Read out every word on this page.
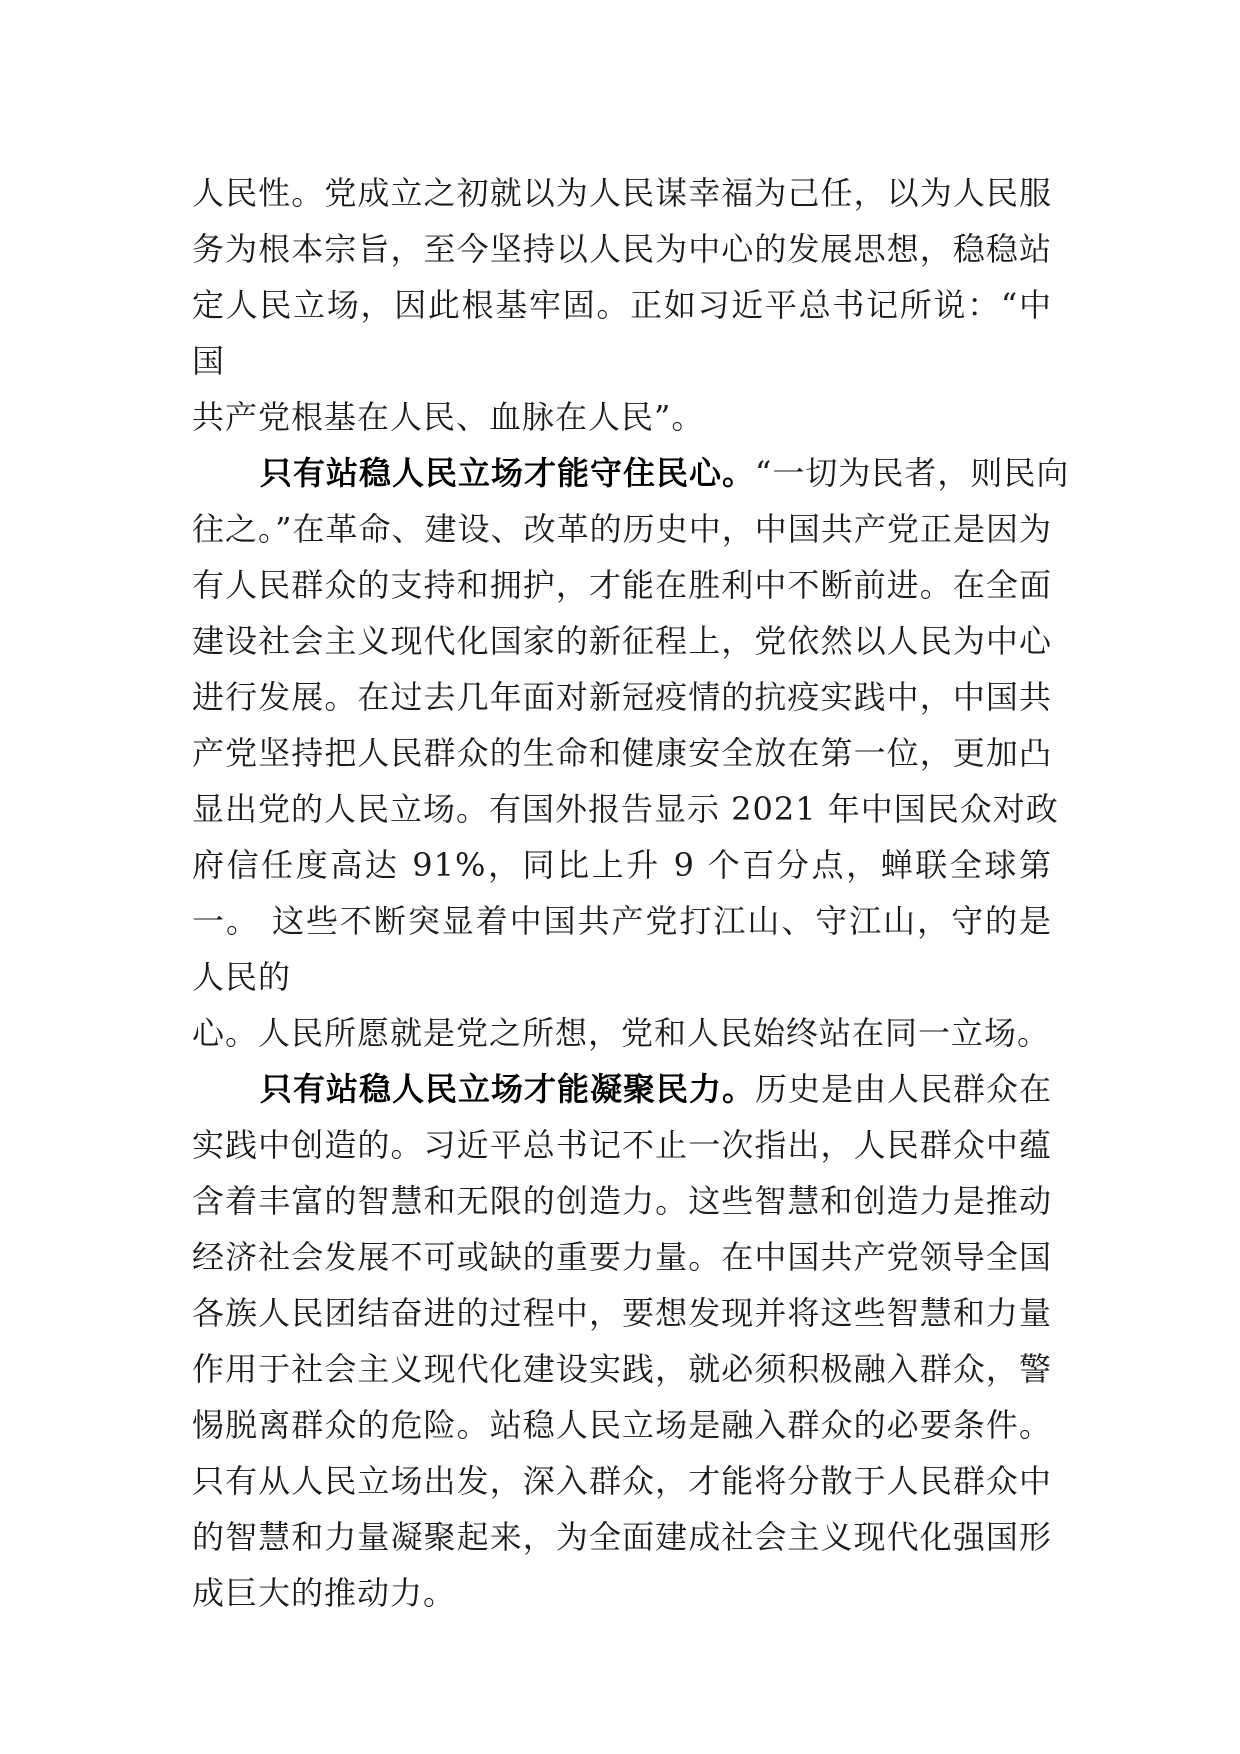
人民性。党成立之初就以为人民谋幸福为己任，以为人民服
务为根本宗旨，至今坚持以人民为中心的发展思想，稳稳站
定人民立场，因此根基牢固。正如习近平总书记所说：“中
国
共产党根基在人民、血脉在人民”。
只有站稳人民立场才能守住民心。“一切为民者，则民向
往之。”在革命、建设、改革的历史中，中国共产党正是因为
有人民群众的支持和拥护，才能在胜利中不断前进。在全面
建设社会主义现代化国家的新征程上，党依然以人民为中心
进行发展。在过去几年面对新冠疫情的抗疫实践中，中国共
产党坚持把人民群众的生命和健康安全放在第一位，更加凸
显出党的人民立场。有国外报告显示 2021 年中国民众对政
府信任度高达 91%，同比上升 9 个百分点，蝉联全球第
一。 这些不断突显着中国共产党打江山、守江山，守的是
人民的
心。人民所愿就是党之所想，党和人民始终站在同一立场。
只有站稳人民立场才能凝聚民力。历史是由人民群众在
实践中创造的。习近平总书记不止一次指出，人民群众中蕴
含着丰富的智慧和无限的创造力。这些智慧和创造力是推动
经济社会发展不可或缺的重要力量。在中国共产党领导全国
各族人民团结奋进的过程中，要想发现并将这些智慧和力量
作用于社会主义现代化建设实践，就必须积极融入群众，警
惕脱离群众的危险。站稳人民立场是融入群众的必要条件。
只有从人民立场出发，深入群众，才能将分散于人民群众中
的智慧和力量凝聚起来，为全面建成社会主义现代化强国形
成巨大的推动力。
